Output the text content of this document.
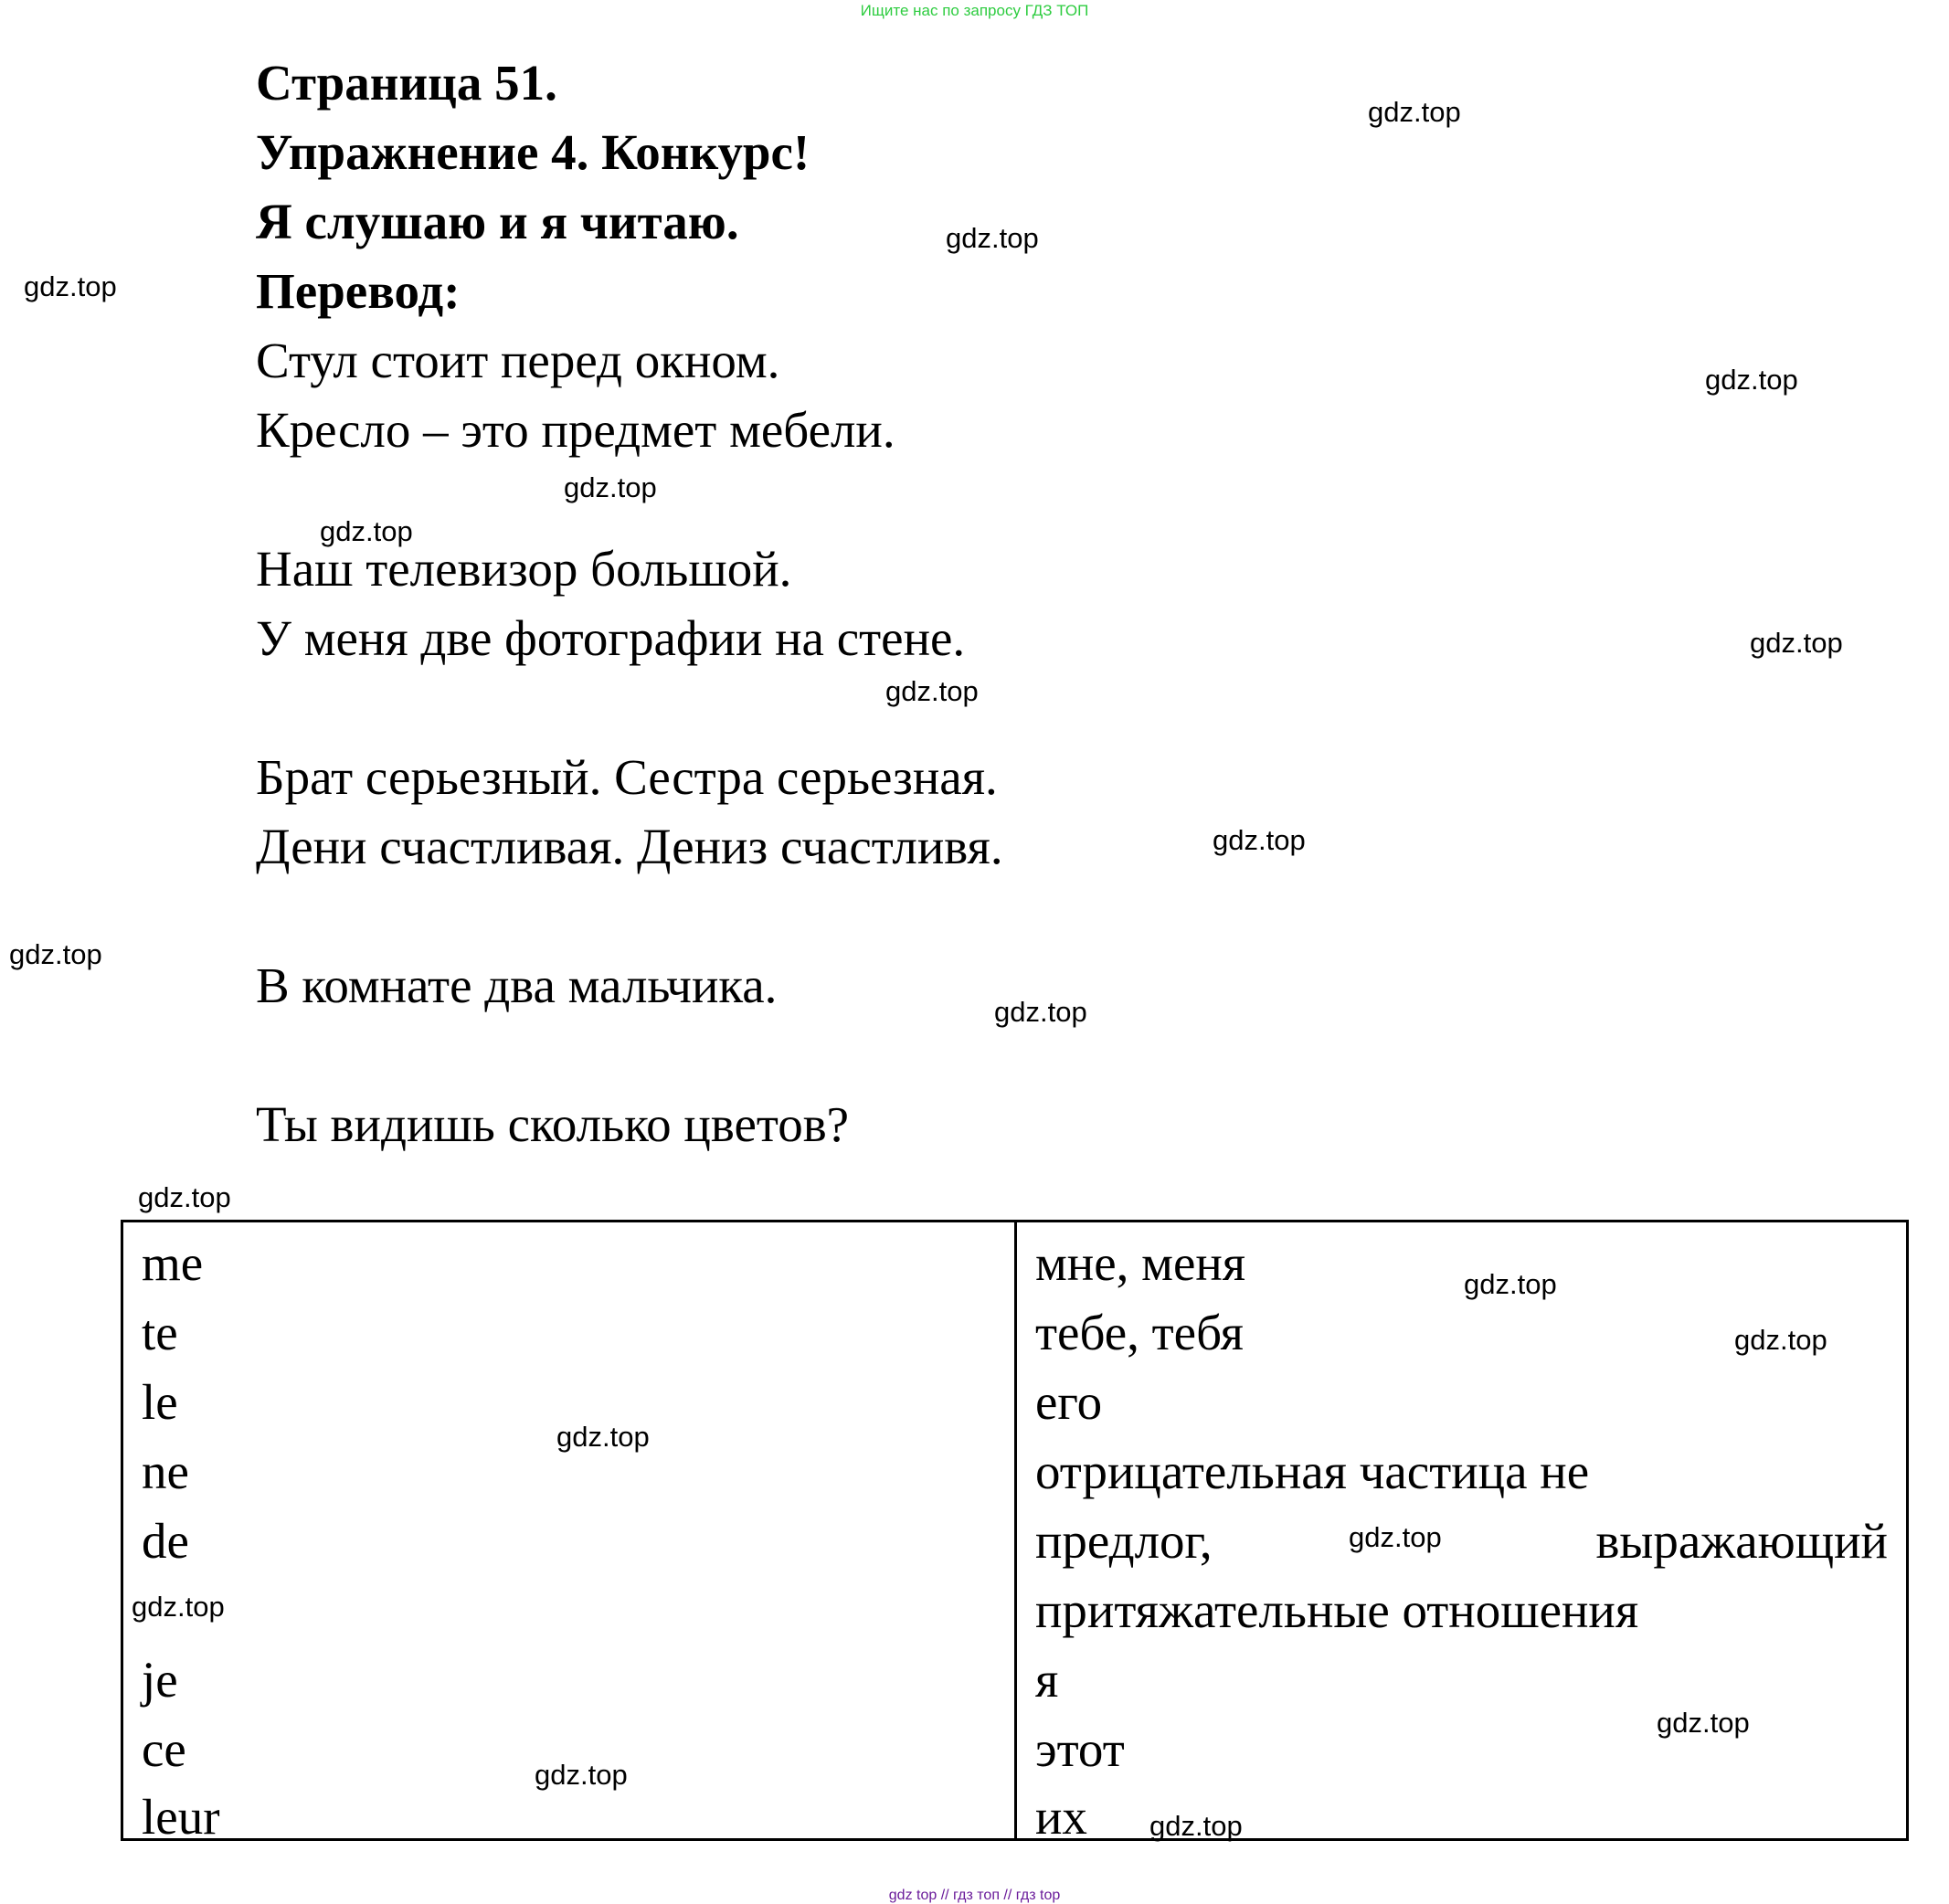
Ищите нас по запросу ГДЗ ТОП
Страница 51.
Упражнение 4. Конкурс!
Я слушаю и я читаю.
Перевод:
Стул стоит перед окном.
Кресло – это предмет мебели.
Наш телевизор большой.
У меня две фотографии на стене.
Брат серьезный. Сестра серьезная.
Дени счастливая. Дениз счастливя.
В комнате два мальчика.
Ты видишь сколько цветов?
me
te
le
ne
de
je
ce
leur
мне, меня
тебе, тебя
его
отрицательная частица не
предлог,	выражающий
притяжательные отношения
я
этот
их
gdz.top
gdz.top
gdz.top
gdz.top
gdz.top
gdz.top
gdz.top
gdz.top
gdz.top
gdz.top
gdz.top
gdz.top
gdz.top
gdz.top
gdz.top
gdz.top
gdz.top
gdz.top
gdz.top
gdz.top
gdz top // гдз топ // гдз top
